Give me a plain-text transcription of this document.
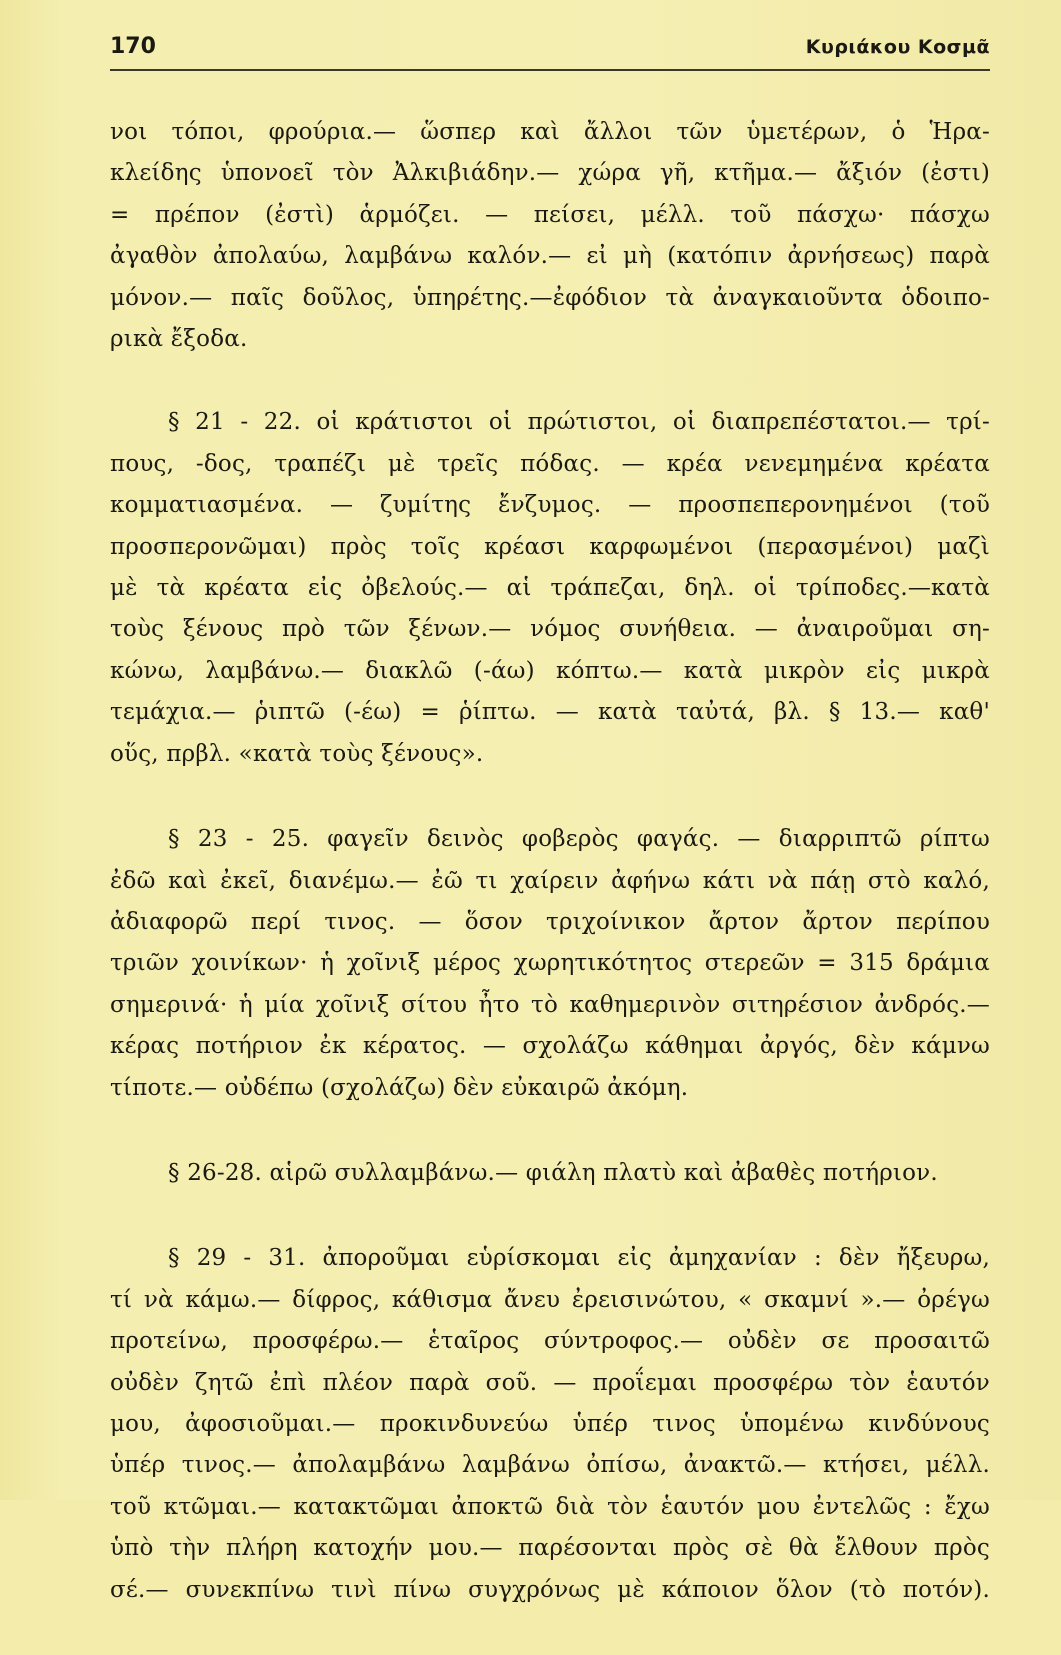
170	Κυριάκου Κοσμᾶ

νοι τόποι, φρούρια.— ὥσπερ καὶ ἄλλοι τῶν ὑμετέρων, ὁ Ἡρα-
κλείδης ὑπονοεῖ τὸν Ἀλκιβιάδην.— χώρα γῆ, κτῆμα.— ἄξιόν (ἐστι)
= πρέπον (ἐστὶ) ἁρμόζει. — πείσει, μέλλ. τοῦ πάσχω· πάσχω
ἀγαθὸν ἀπολαύω, λαμβάνω καλόν.— εἰ μὴ (κατόπιν ἀρνήσεως) παρὰ
μόνον.— παῖς δοῦλος, ὑπηρέτης.—ἐφόδιον τὰ ἀναγκαιοῦντα ὁδοιπο-
ρικὰ ἔξοδα.

§ 21 - 22. οἱ κράτιστοι οἱ πρώτιστοι, οἱ διαπρεπέστατοι.— τρί-
πους, -δος, τραπέζι μὲ τρεῖς πόδας. — κρέα νενεμημένα κρέατα
κομματιασμένα. — ζυμίτης ἔνζυμος. — προσπεπερονημένοι (τοῦ
προσπερονῶμαι) πρὸς τοῖς κρέασι καρφωμένοι (περασμένοι) μαζὶ
μὲ τὰ κρέατα εἰς ὀβελούς.— αἱ τράπεζαι, δηλ. οἱ τρίποδες.—κατὰ
τοὺς ξένους πρὸ τῶν ξένων.— νόμος συνήθεια. — ἀναιροῦμαι ση-
κώνω, λαμβάνω.— διακλῶ (-άω) κόπτω.— κατὰ μικρὸν εἰς μικρὰ
τεμάχια.— ῥιπτῶ (-έω) = ῥίπτω. — κατὰ ταὐτά, βλ. § 13.— καθ'
οὕς, πρβλ. «κατὰ τοὺς ξένους».

§ 23 - 25. φαγεῖν δεινὸς φοβερὸς φαγάς. — διαρριπτῶ ρίπτω
ἐδῶ καὶ ἐκεῖ, διανέμω.— ἐῶ τι χαίρειν ἀφήνω κάτι νὰ πάῃ στὸ καλό,
ἀδιαφορῶ περί τινος. — ὅσον τριχοίνικον ἄρτον ἄρτον περίπου
τριῶν χοινίκων· ἡ χοῖνιξ μέρος χωρητικότητος στερεῶν = 315 δράμια
σημερινά· ἡ μία χοῖνιξ σίτου ἦτο τὸ καθημερινὸν σιτηρέσιον ἀνδρός.—
κέρας ποτήριον ἐκ κέρατος. — σχολάζω κάθημαι ἀργός, δὲν κάμνω
τίποτε.— οὐδέπω (σχολάζω) δὲν εὐκαιρῶ ἀκόμη.

§ 26-28. αἱρῶ συλλαμβάνω.— φιάλη πλατὺ καὶ ἀβαθὲς ποτήριον.

§ 29 - 31. ἀποροῦμαι εὑρίσκομαι εἰς ἀμηχανίαν : δὲν ἤξευρω,
τί νὰ κάμω.— δίφρος, κάθισμα ἄνευ ἐρεισινώτου, « σκαμνί ».— ὀρέγω
προτείνω, προσφέρω.— ἑταῖρος σύντροφος.— οὐδὲν σε προσαιτῶ
οὐδὲν ζητῶ ἐπὶ πλέον παρὰ σοῦ. — προΐεμαι προσφέρω τὸν ἑαυτόν
μου, ἀφοσιοῦμαι.— προκινδυνεύω ὑπέρ τινος ὑπομένω κινδύνους
ὑπέρ τινος.— ἀπολαμβάνω λαμβάνω ὀπίσω, ἀνακτῶ.— κτήσει, μέλλ.
τοῦ κτῶμαι.— κατακτῶμαι ἀποκτῶ διὰ τὸν ἑαυτόν μου ἐντελῶς : ἔχω
ὑπὸ τὴν πλήρη κατοχήν μου.— παρέσονται πρὸς σὲ θὰ ἔλθουν πρὸς
σέ.— συνεκπίνω τινὶ πίνω συγχρόνως μὲ κάποιον ὅλον (τὸ ποτόν).
